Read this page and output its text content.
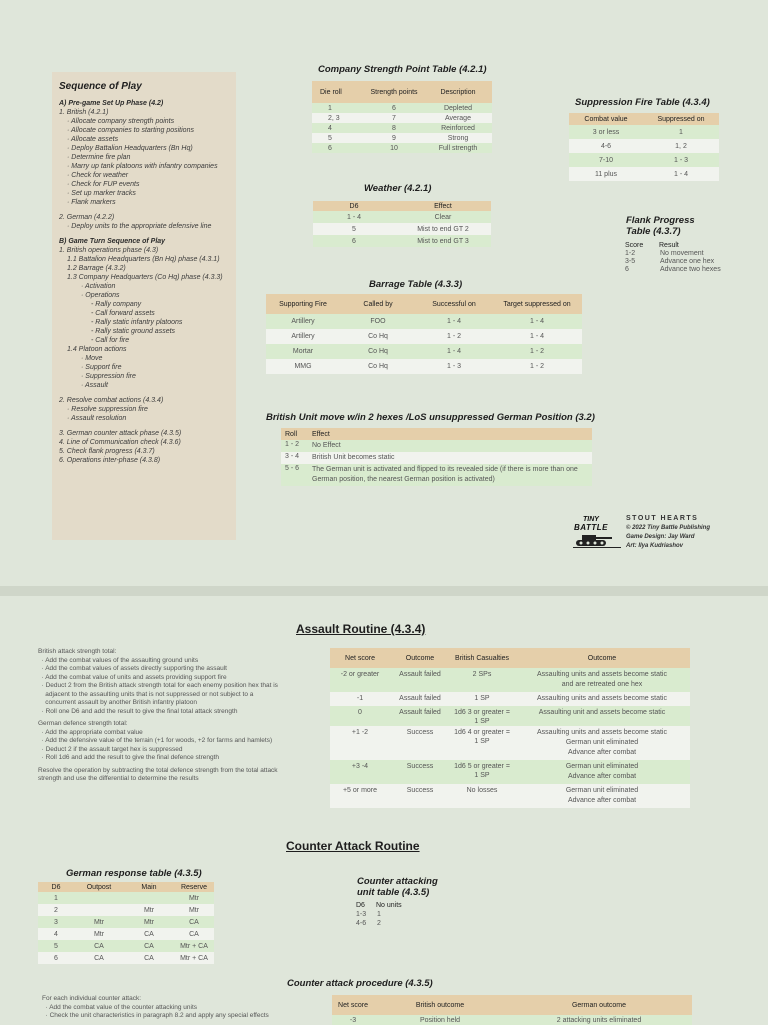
Sequence of Play
A) Pre-game Set Up Phase (4.2)
1. British (4.2.1)
· Allocate company strength points
· Allocate companies to starting positions
· Allocate assets
· Deploy Battalion Headquarters (Bn Hq)
· Determine fire plan
· Marry up tank platoons with infantry companies
· Check for weather
· Check for FUP events
· Set up marker tracks
· Flank markers
2. German (4.2.2)
· Deploy units to the appropriate defensive line
B) Game Turn Sequence of Play
1. British operations phase (4.3)
1.1 Battalion Headquarters (Bn Hq) phase (4.3.1)
1.2 Barrage (4.3.2)
1.3 Company Headquarters (Co Hq) phase (4.3.3)
· Activation
· Operations
- Rally company
- Call forward assets
- Rally static infantry platoons
- Rally static ground assets
- Call for fire
1.4 Platoon actions
· Move
· Support fire
· Suppression fire
· Assault
2. Resolve combat actions (4.3.4)
· Resolve suppression fire
· Assault resolution
3. German counter attack phase (4.3.5)
4. Line of Communication check (4.3.6)
5. Check flank progress (4.3.7)
6. Operations inter-phase (4.3.8)
Company Strength Point Table (4.2.1)
Die roll	Strength points	Description
1	6	Depleted
2, 3	7	Average
4	8	Reinforced
5	9	Strong
6	10	Full strength
Weather (4.2.1)
D6	Effect
1 - 4	Clear
5	Mist to end GT 2
6	Mist to end GT 3
Suppression Fire Table (4.3.4)
Combat value	Suppressed on
3 or less	1
4-6	1, 2
7-10	1 - 3
11 plus	1 - 4
Flank Progress
Table (4.3.7)
Score	Result
1-2	No movement
3-5	Advance one hex
6	Advance two hexes
Barrage Table (4.3.3)
Supporting Fire	Called by	Successful on	Target suppressed on
Artillery	FOO	1 - 4	1 - 4
Artillery	Co Hq	1 - 2	1 - 4
Mortar	Co Hq	1 - 4	1 - 2
MMG	Co Hq	1 - 3	1 - 2
British Unit move w/in 2 hexes /LoS unsuppressed German Position (3.2)
Roll	Effect
1 - 2	No Effect

3 - 4	British Unit becomes static

5 - 6	The German unit is activated and flipped to its revealed side (if there is more than one
German position, the nearest German position is activated)
TINY
BATTLE
STOUT HEARTS
© 2022 Tiny Battle Publishing
Game Design: Jay Ward
Art: Ilya Kudriashov
Assault Routine (4.3.4)
British attack strength total:
· Add the combat values of the assaulting ground units
· Add the combat values of assets directly supporting the assault
· Add the combat value of units and assets providing support fire
· Deduct 2 from the British attack strength total for each enemy position hex that is
adjacent to the assaulting units that is not suppressed or not subject to a
concurrent assault by another British infantry platoon
· Roll one D6 and add the result to give the final total attack strength
German defence strength total:
· Add the appropriate combat value
· Add the defensive value of the terrain (+1 for woods, +2 for farms and hamlets)
· Deduct 2 if the assault target hex is suppressed
· Roll 1d6 and add the result to give the final defence strength
Resolve the operation by subtracting the total defence strength from the total attack
strength and use the differential to determine the results
Net score	Outcome	British Casualties	Outcome
-2 or greater	Assault failed	2 SPs	Assaulting units and assets become static
and are retreated one hex

-1	Assault failed	1 SP	Assaulting units and assets become static

0	Assault failed	1d6 3 or greater = 1 SP	Assaulting unit and assets become static

+1 -2	Success	1d6 4 or greater = 1 SP	Assaulting units and assets become static
German unit eliminated
Advance after combat

+3 -4	Success	1d6 5 or greater = 1 SP	German unit eliminated
Advance after combat

+5 or more	Success	No losses	German unit eliminated
Advance after combat
Counter Attack Routine
German response table (4.3.5)
D6	Outpost	Main	Reserve
1			Mtr
2		Mtr	Mtr
3	Mtr	Mtr	CA
4	Mtr	CA	CA
5	CA	CA	Mtr + CA
6	CA	CA	Mtr + CA
Counter attacking
unit table (4.3.5)
D6	No units
1-3	1
4-6	2
Counter attack procedure (4.3.5)
For each individual counter attack:
· Add the combat value of the counter attacking units
· Check the unit characteristics in paragraph 8.2 and apply any special effects
Net score	British outcome	German outcome
-3	Position held	2 attacking units eliminated
